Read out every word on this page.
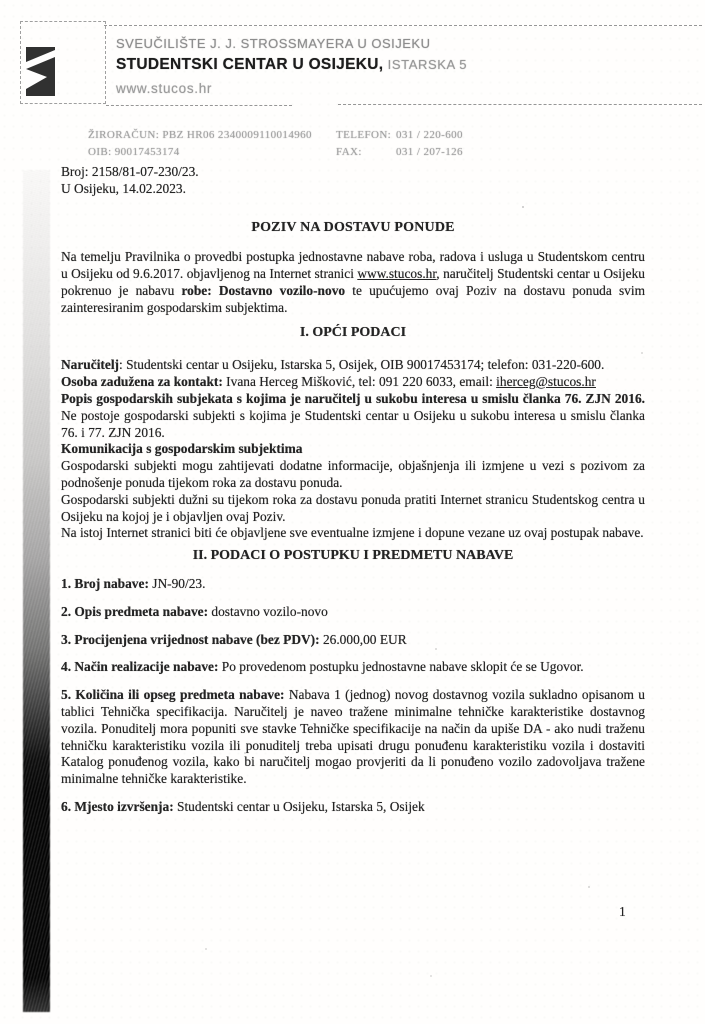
SVEUČILIŠTE J. J. STROSSMAYERA U OSIJEKU
STUDENTSKI CENTAR U OSIJEKU, ISTARSKA 5
www.stucos.hr
ŽIRORAČUN: PBZ HR06 2340009110014960
OIB: 90017453174
TELEFON: 031 / 220-600
FAX:	031 / 207-126
Broj: 2158/81-07-230/23.
U Osijeku, 14.02.2023.
POZIV NA DOSTAVU PONUDE

Na temelju Pravilnika o provedbi postupka jednostavne nabave roba, radova i usluga u Studentskom centru u Osijeku od 9.6.2017. objavljenog na Internet stranici www.stucos.hr, naručitelj Studentski centar u Osijeku pokrenuo je nabavu robe: Dostavno vozilo-novo te upućujemo ovaj Poziv na dostavu ponuda svim zainteresiranim gospodarskim subjektima.

I. OPĆI PODACI

Naručitelj: Studentski centar u Osijeku, Istarska 5, Osijek, OIB 90017453174; telefon: 031-220-600.

Osoba zadužena za kontakt: Ivana Herceg Mišković, tel: 091 220 6033, email: iherceg@stucos.hr

Popis gospodarskih subjekata s kojima je naručitelj u sukobu interesa u smislu članka 76. ZJN 2016. Ne postoje gospodarski subjekti s kojima je Studentski centar u Osijeku u sukobu interesa u smislu članka 76. i 77. ZJN 2016.

Komunikacija s gospodarskim subjektima

Gospodarski subjekti mogu zahtijevati dodatne informacije, objašnjenja ili izmjene u vezi s pozivom za podnošenje ponuda tijekom roka za dostavu ponuda.

Gospodarski subjekti dužni su tijekom roka za dostavu ponuda pratiti Internet stranicu Studentskog centra u Osijeku na kojoj je i objavljen ovaj Poziv.

Na istoj Internet stranici biti će objavljene sve eventualne izmjene i dopune vezane uz ovaj postupak nabave.

II. PODACI O POSTUPKU I PREDMETU NABAVE

1. Broj nabave: JN-90/23.

2. Opis predmeta nabave: dostavno vozilo-novo

3. Procijenjena vrijednost nabave (bez PDV): 26.000,00 EUR

4. Način realizacije nabave: Po provedenom postupku jednostavne nabave sklopit će se Ugovor.

5. Količina ili opseg predmeta nabave: Nabava 1 (jednog) novog dostavnog vozila sukladno opisanom u tablici Tehnička specifikacija. Naručitelj je naveo tražene minimalne tehničke karakteristike dostavnog vozila. Ponuditelj mora popuniti sve stavke Tehničke specifikacije na način da upiše DA - ako nudi traženu tehničku karakteristiku vozila ili ponuditelj treba upisati drugu ponuđenu karakteristiku vozila i dostaviti Katalog ponuđenog vozila, kako bi naručitelj mogao provjeriti da li ponuđeno vozilo zadovoljava tražene minimalne tehničke karakteristike.

6. Mjesto izvršenja: Studentski centar u Osijeku, Istarska 5, Osijek

1
